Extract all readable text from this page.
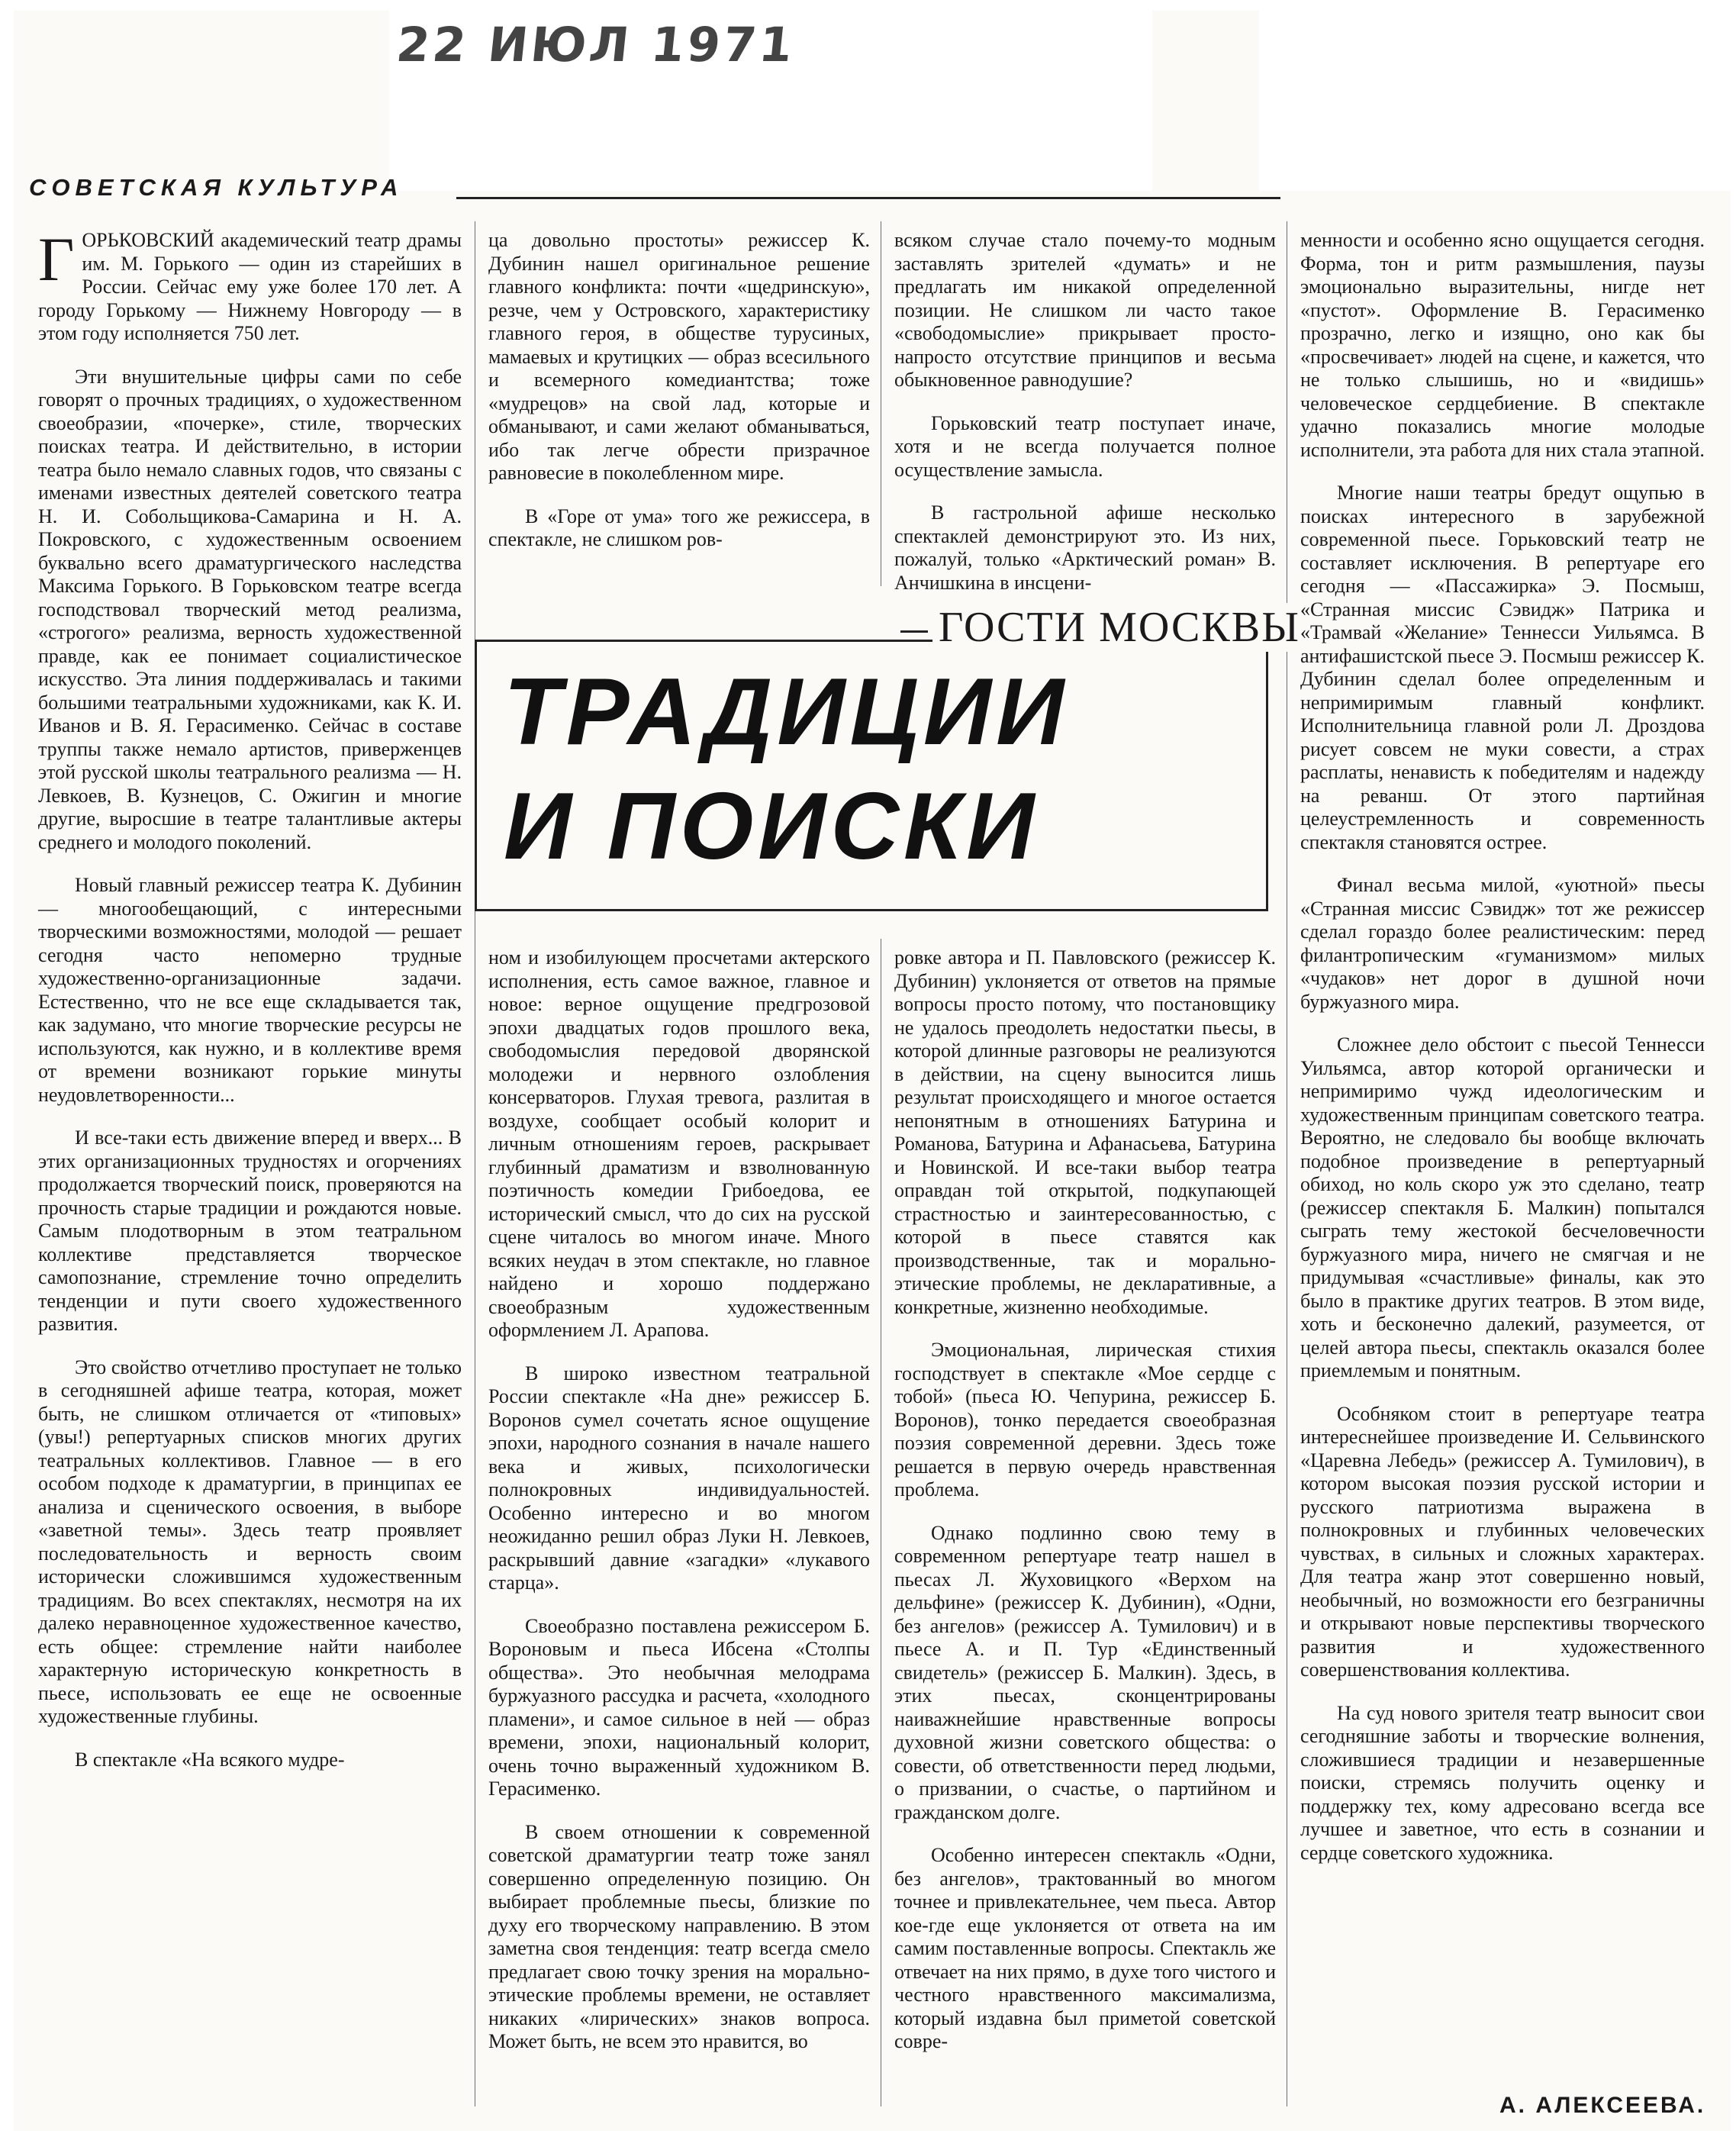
22 ИЮЛ 1971
СОВЕТСКАЯ КУЛЬТУРА

ГОРЬКОВСКИЙ академический театр драмы им. М. Горького — один из старейших в России. Сейчас ему уже более 170 лет. А городу Горькому — Нижнему Новгороду — в этом году исполняется 750 лет.

Эти внушительные цифры сами по себе говорят о прочных традициях, о художественном своеобразии, «почерке», стиле, творческих поисках театра. И действительно, в истории театра было немало славных годов, что связаны с именами известных деятелей советского театра Н. И. Собольщикова-Самарина и Н. А. Покровского, с художественным освоением буквально всего драматургического наследства Максима Горького. В Горьковском театре всегда господствовал творческий метод реализма, «строгого» реализма, верность художественной правде, как ее понимает социалистическое искусство. Эта линия поддерживалась и такими большими театральными художниками, как К. И. Иванов и В. Я. Герасименко. Сейчас в составе труппы также немало артистов, приверженцев этой русской школы театрального реализма — Н. Левкоев, В. Кузнецов, С. Ожигин и многие другие, выросшие в театре талантливые актеры среднего и молодого поколений.

Новый главный режиссер театра К. Дубинин — многообещающий, с интересными творческими возможностями, молодой — решает сегодня часто непомерно трудные художественно-организационные задачи. Естественно, что не все еще складывается так, как задумано, что многие творческие ресурсы не используются, как нужно, и в коллективе время от времени возникают горькие минуты неудовлетворенности...

И все-таки есть движение вперед и вверх... В этих организационных трудностях и огорчениях продолжается творческий поиск, проверяются на прочность старые традиции и рождаются новые. Самым плодотворным в этом театральном коллективе представляется творческое самопознание, стремление точно определить тенденции и пути своего художественного развития.

Это свойство отчетливо проступает не только в сегодняшней афише театра, которая, может быть, не слишком отличается от «типовых» (увы!) репертуарных списков многих других театральных коллективов. Главное — в его особом подходе к драматургии, в принципах ее анализа и сценического освоения, в выборе «заветной темы». Здесь театр проявляет последовательность и верность своим исторически сложившимся художественным традициям. Во всех спектаклях, несмотря на их далеко неравноценное художественное качество, есть общее: стремление найти наиболее характерную историческую конкретность в пьесе, использовать ее еще не освоенные художественные глубины.

В спектакле «На всякого мудре-

ца довольно простоты» режиссер К. Дубинин нашел оригинальное решение главного конфликта: почти «щедринскую», резче, чем у Островского, характеристику главного героя, в обществе турусиных, мамаевых и крутицких — образ всесильного и всемерного комедиантства; тоже «мудрецов» на свой лад, которые и обманывают, и сами желают обманываться, ибо так легче обрести призрачное равновесие в поколебленном мире.

В «Горе от ума» того же режиссера, в спектакле, не слишком ров-

всяком случае стало почему-то модным заставлять зрителей «думать» и не предлагать им никакой определенной позиции. Не слишком ли часто такое «свободомыслие» прикрывает просто-напросто отсутствие принципов и весьма обыкновенное равнодушие?

Горьковский театр поступает иначе, хотя и не всегда получается полное осуществление замысла.

В гастрольной афише несколько спектаклей демонстрируют это. Из них, пожалуй, только «Арктический роман» В. Анчишкина в инсцени-

ГОСТИ МОСКВЫ
ТРАДИЦИИ
И ПОИСКИ

ном и изобилующем просчетами актерского исполнения, есть самое важное, главное и новое: верное ощущение предгрозовой эпохи двадцатых годов прошлого века, свободомыслия передовой дворянской молодежи и нервного озлобления консерваторов. Глухая тревога, разлитая в воздухе, сообщает особый колорит и личным отношениям героев, раскрывает глубинный драматизм и взволнованную поэтичность комедии Грибоедова, ее исторический смысл, что до сих на русской сцене читалось во многом иначе. Много всяких неудач в этом спектакле, но главное найдено и хорошо поддержано своеобразным художественным оформлением Л. Арапова.

В широко известном театральной России спектакле «На дне» режиссер Б. Воронов сумел сочетать ясное ощущение эпохи, народного сознания в начале нашего века и живых, психологически полнокровных индивидуальностей. Особенно интересно и во многом неожиданно решил образ Луки Н. Левкоев, раскрывший давние «загадки» «лукавого старца».

Своеобразно поставлена режиссером Б. Вороновым и пьеса Ибсена «Столпы общества». Это необычная мелодрама буржуазного рассудка и расчета, «холодного пламени», и самое сильное в ней — образ времени, эпохи, национальный колорит, очень точно выраженный художником В. Герасименко.

В своем отношении к современной советской драматургии театр тоже занял совершенно определенную позицию. Он выбирает проблемные пьесы, близкие по духу его творческому направлению. В этом заметна своя тенденция: театр всегда смело предлагает свою точку зрения на морально-этические проблемы времени, не оставляет никаких «лирических» знаков вопроса. Может быть, не всем это нравится, во

ровке автора и П. Павловского (режиссер К. Дубинин) уклоняется от ответов на прямые вопросы просто потому, что постановщику не удалось преодолеть недостатки пьесы, в которой длинные разговоры не реализуются в действии, на сцену выносится лишь результат происходящего и многое остается непонятным в отношениях Батурина и Романова, Батурина и Афанасьева, Батурина и Новинской. И все-таки выбор театра оправдан той открытой, подкупающей страстностью и заинтересованностью, с которой в пьесе ставятся как производственные, так и морально-этические проблемы, не декларативные, а конкретные, жизненно необходимые.

Эмоциональная, лирическая стихия господствует в спектакле «Мое сердце с тобой» (пьеса Ю. Чепурина, режиссер Б. Воронов), тонко передается своеобразная поэзия современной деревни. Здесь тоже решается в первую очередь нравственная проблема.

Однако подлинно свою тему в современном репертуаре театр нашел в пьесах Л. Жуховицкого «Верхом на дельфине» (режиссер К. Дубинин), «Одни, без ангелов» (режиссер А. Тумилович) и в пьесе А. и П. Тур «Единственный свидетель» (режиссер Б. Малкин). Здесь, в этих пьесах, сконцентрированы наиважнейшие нравственные вопросы духовной жизни советского общества: о совести, об ответственности перед людьми, о призвании, о счастье, о партийном и гражданском долге.

Особенно интересен спектакль «Одни, без ангелов», трактованный во многом точнее и привлекательнее, чем пьеса. Автор кое-где еще уклоняется от ответа на им самим поставленные вопросы. Спектакль же отвечает на них прямо, в духе того чистого и честного нравственного максимализма, который издавна был приметой советской совре-

менности и особенно ясно ощущается сегодня. Форма, тон и ритм размышления, паузы эмоционально выразительны, нигде нет «пустот». Оформление В. Герасименко прозрачно, легко и изящно, оно как бы «просвечивает» людей на сцене, и кажется, что не только слышишь, но и «видишь» человеческое сердцебиение. В спектакле удачно показались многие молодые исполнители, эта работа для них стала этапной.

Многие наши театры бредут ощупью в поисках интересного в зарубежной современной пьесе. Горьковский театр не составляет исключения. В репертуаре его сегодня — «Пассажирка» Э. Посмыш, «Странная миссис Сэвидж» Патрика и «Трамвай «Желание» Теннесси Уильямса. В антифашистской пьесе Э. Посмыш режиссер К. Дубинин сделал более определенным и непримиримым главный конфликт. Исполнительница главной роли Л. Дроздова рисует совсем не муки совести, а страх расплаты, ненависть к победителям и надежду на реванш. От этого партийная целеустремленность и современность спектакля становятся острее.

Финал весьма милой, «уютной» пьесы «Странная миссис Сэвидж» тот же режиссер сделал гораздо более реалистическим: перед филантропическим «гуманизмом» милых «чудаков» нет дорог в душной ночи буржуазного мира.

Сложнее дело обстоит с пьесой Теннесси Уильямса, автор которой органически и непримиримо чужд идеологическим и художественным принципам советского театра. Вероятно, не следовало бы вообще включать подобное произведение в репертуарный обиход, но коль скоро уж это сделано, театр (режиссер спектакля Б. Малкин) попытался сыграть тему жестокой бесчеловечности буржуазного мира, ничего не смягчая и не придумывая «счастливые» финалы, как это было в практике других театров. В этом виде, хоть и бесконечно далекий, разумеется, от целей автора пьесы, спектакль оказался более приемлемым и понятным.

Особняком стоит в репертуаре театра интереснейшее произведение И. Сельвинского «Царевна Лебедь» (режиссер А. Тумилович), в котором высокая поэзия русской истории и русского патриотизма выражена в полнокровных и глубинных человеческих чувствах, в сильных и сложных характерах. Для театра жанр этот совершенно новый, необычный, но возможности его безграничны и открывают новые перспективы творческого развития и художественного совершенствования коллектива.

На суд нового зрителя театр выносит свои сегодняшние заботы и творческие волнения, сложившиеся традиции и незавершенные поиски, стремясь получить оценку и поддержку тех, кому адресовано всегда все лучшее и заветное, что есть в сознании и сердце советского художника.

А. АЛЕКСЕЕВА.
